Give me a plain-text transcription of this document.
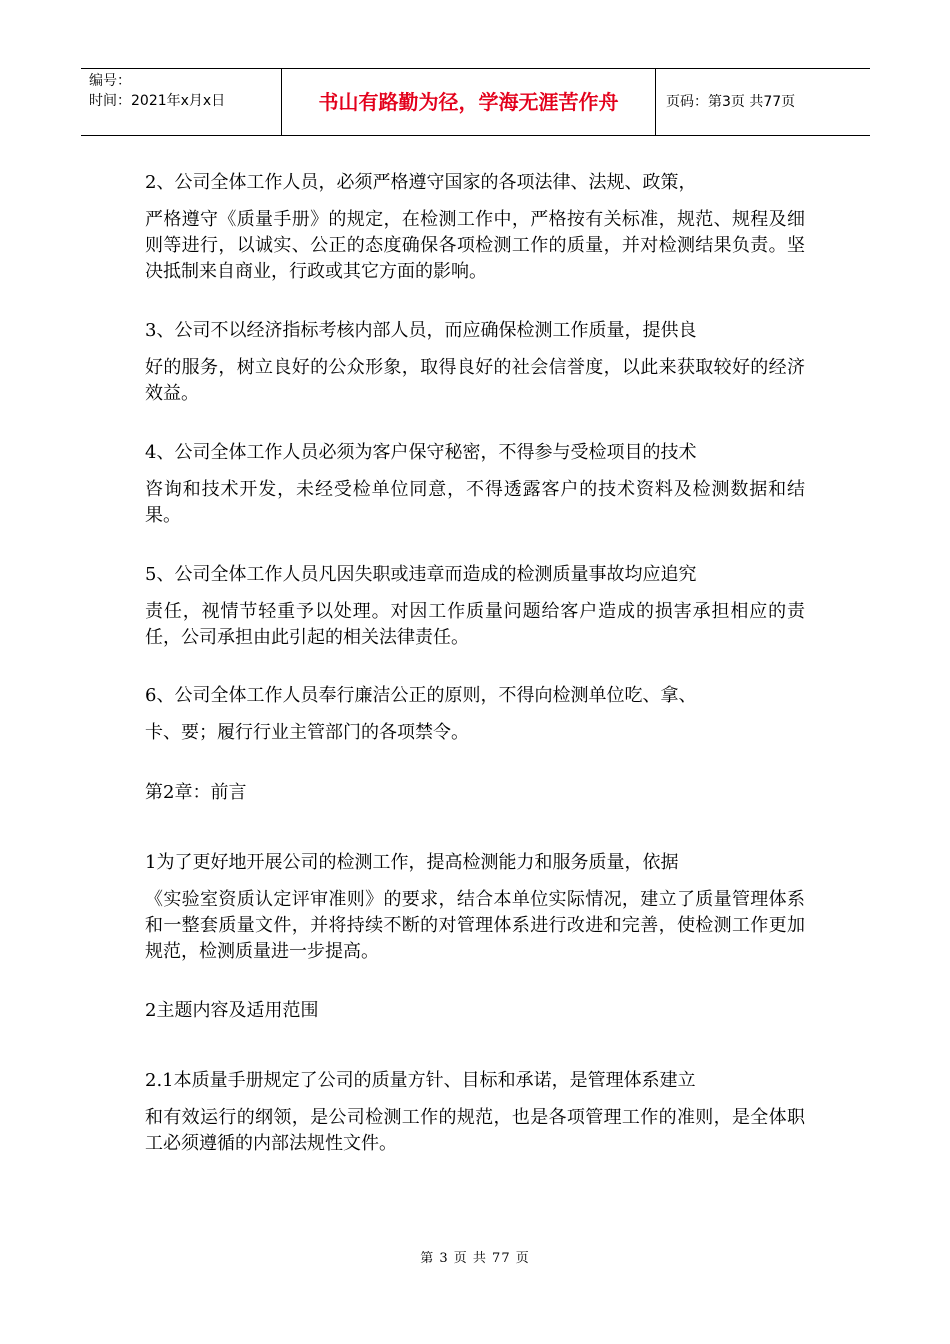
编号：
时间：2021年x月x日	书山有路勤为径，学海无涯苦作舟	页码：第3页 共77页

2、公司全体工作人员，必须严格遵守国家的各项法律、法规、政策，
严格遵守《质量手册》的规定，在检测工作中，严格按有关标准，规范、规程及细则等进行，以诚实、公正的态度确保各项检测工作的质量，并对检测结果负责。坚决抵制来自商业，行政或其它方面的影响。

3、公司不以经济指标考核内部人员，而应确保检测工作质量，提供良
好的服务，树立良好的公众形象，取得良好的社会信誉度，以此来获取较好的经济效益。

4、公司全体工作人员必须为客户保守秘密，不得参与受检项目的技术
咨询和技术开发，未经受检单位同意，不得透露客户的技术资料及检测数据和结果。

5、公司全体工作人员凡因失职或违章而造成的检测质量事故均应追究
责任，视情节轻重予以处理。对因工作质量问题给客户造成的损害承担相应的责任，公司承担由此引起的相关法律责任。

6、公司全体工作人员奉行廉洁公正的原则，不得向检测单位吃、拿、
卡、要；履行行业主管部门的各项禁令。

第2章：前言

1为了更好地开展公司的检测工作，提高检测能力和服务质量，依据
《实验室资质认定评审准则》的要求，结合本单位实际情况，建立了质量管理体系和一整套质量文件，并将持续不断的对管理体系进行改进和完善，使检测工作更加规范，检测质量进一步提高。

2主题内容及适用范围

2.1本质量手册规定了公司的质量方针、目标和承诺，是管理体系建立
和有效运行的纲领，是公司检测工作的规范，也是各项管理工作的准则，是全体职工必须遵循的内部法规性文件。

第 3 页 共 77 页
